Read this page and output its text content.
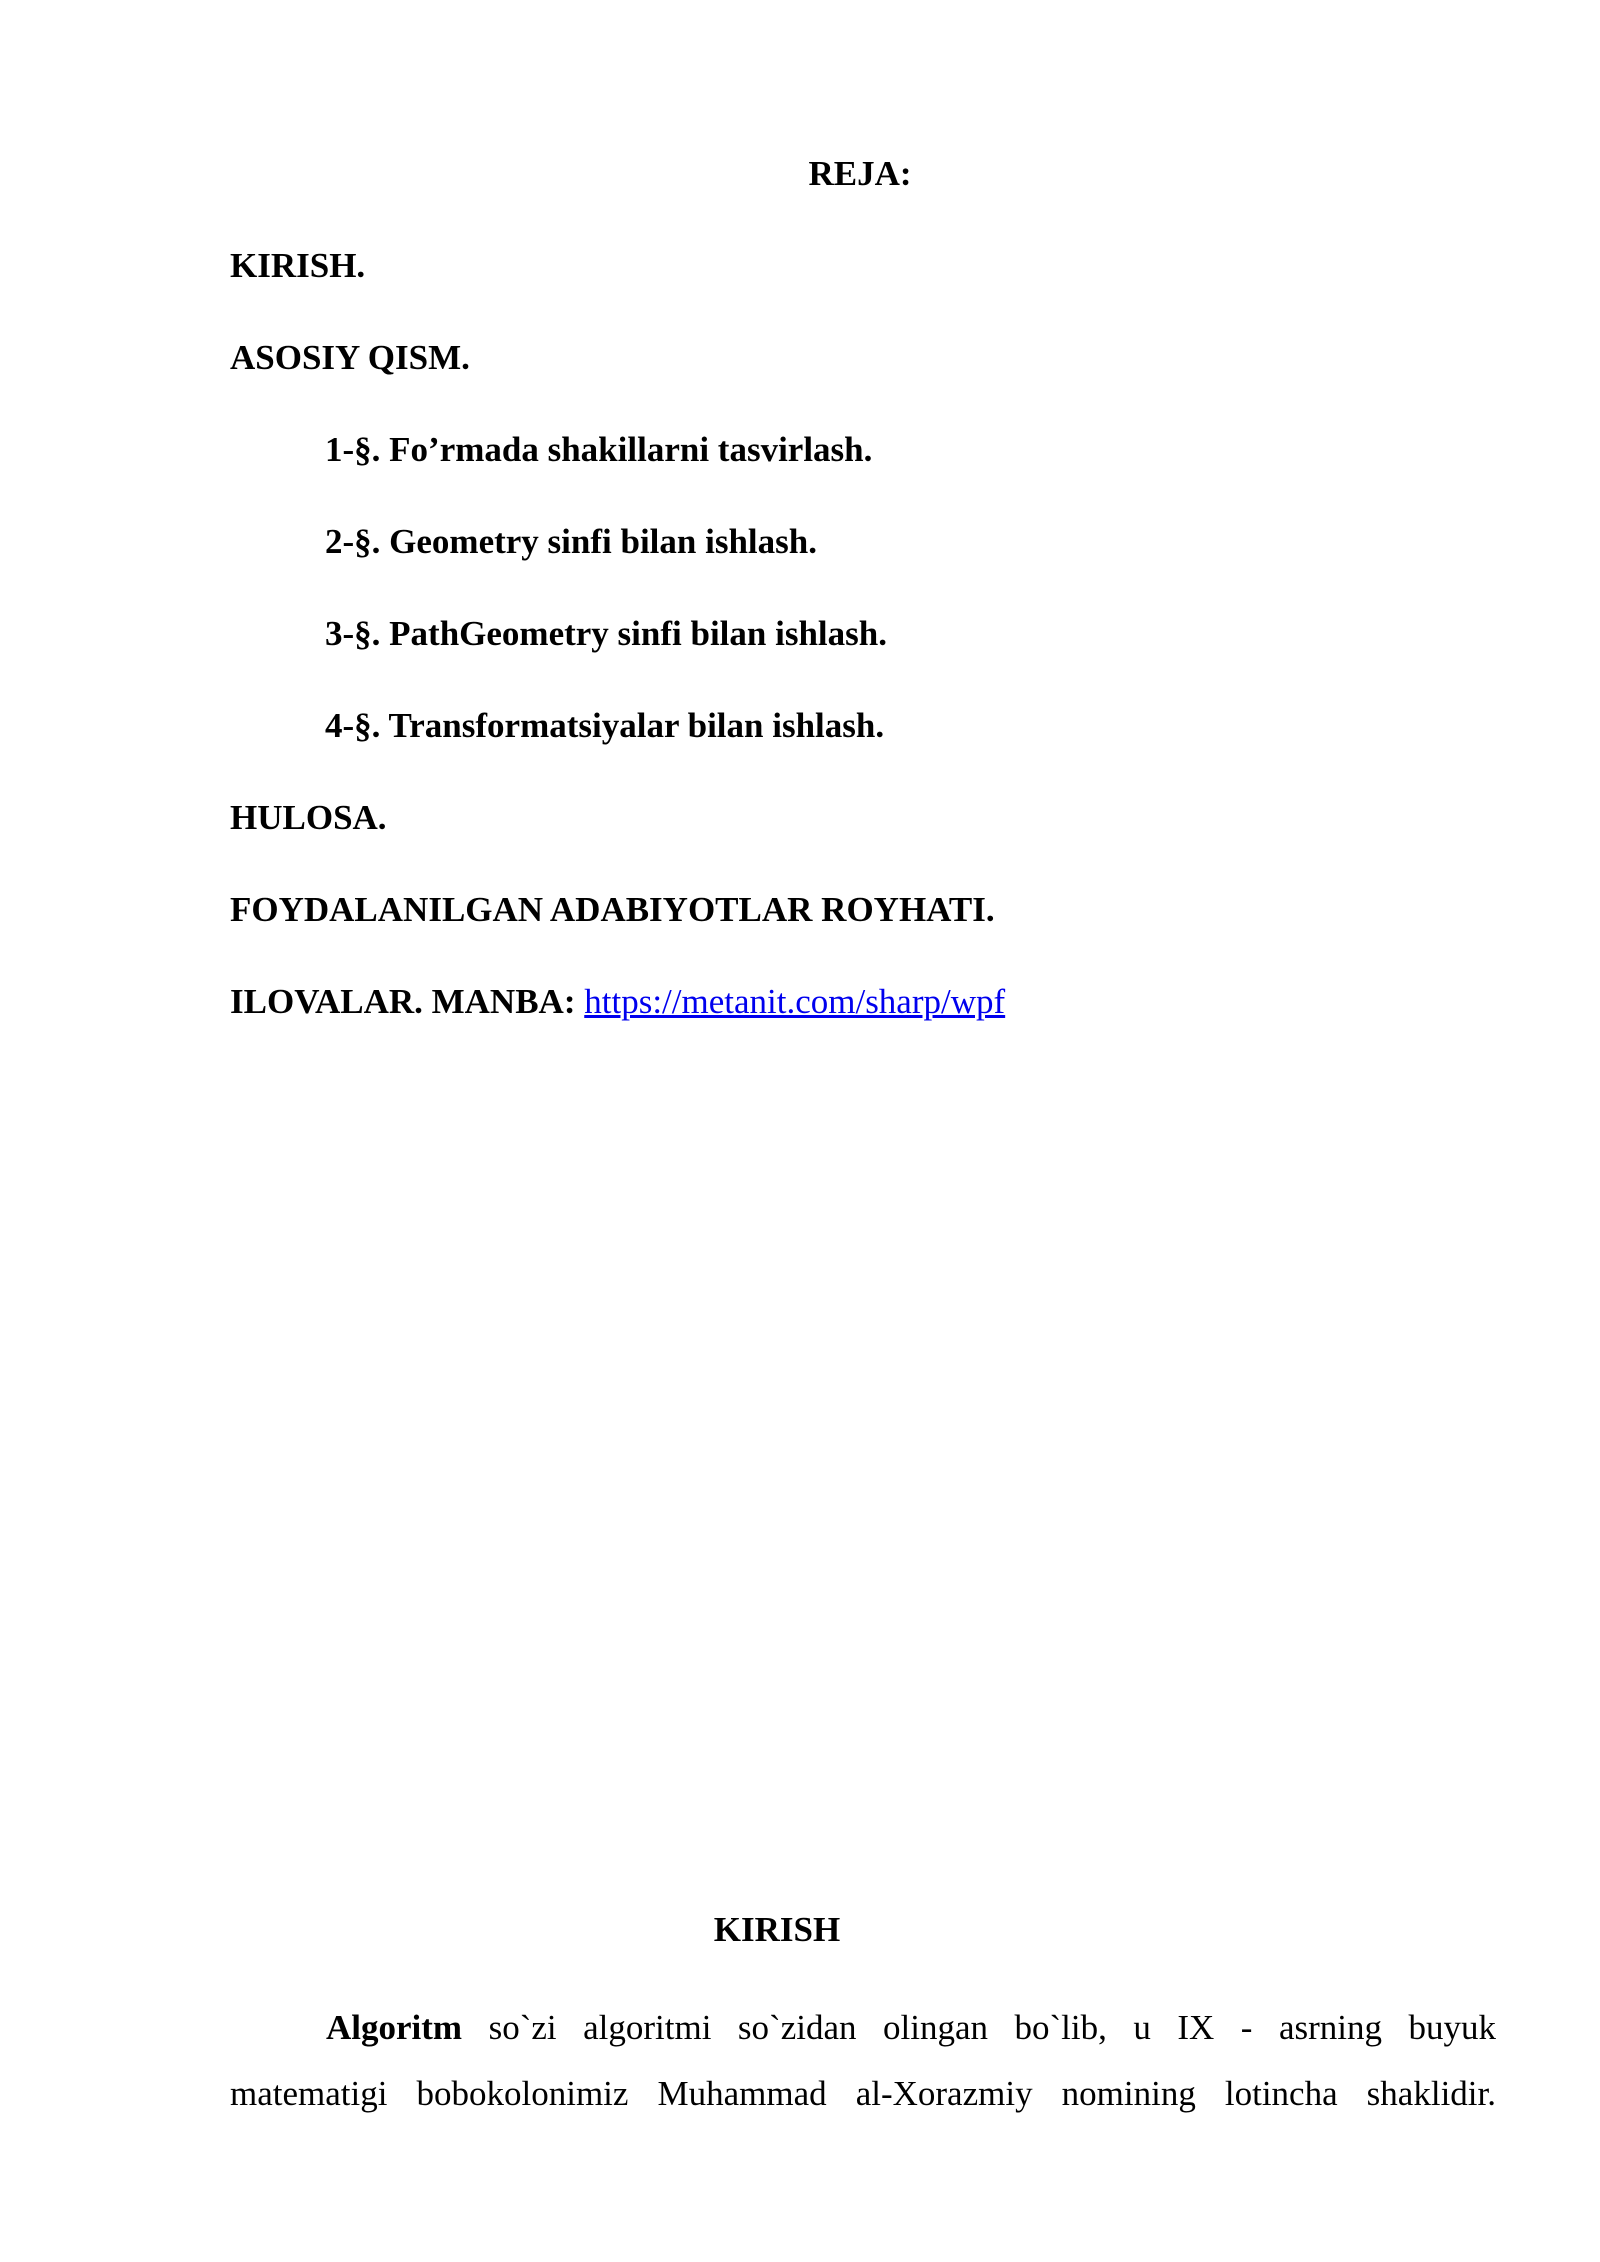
REJA:
KIRISH.
ASOSIY QISM.
1-§. Fo’rmada shakillarni tasvirlash.
2-§. Geometry sinfi bilan ishlash.
3-§. PathGeometry sinfi bilan ishlash.
4-§. Transformatsiyalar bilan ishlash.
HULOSA.
FOYDALANILGAN ADABIYOTLAR ROYHATI.
ILOVALAR. MANBA: https://metanit.com/sharp/wpf
KIRISH
Algoritm so`zi algoritmi so`zidan olingan bo`lib, u IX - asrning buyuk
matematigi bobokolonimiz Muhammad al-Xorazmiy nomining lotincha shaklidir.
